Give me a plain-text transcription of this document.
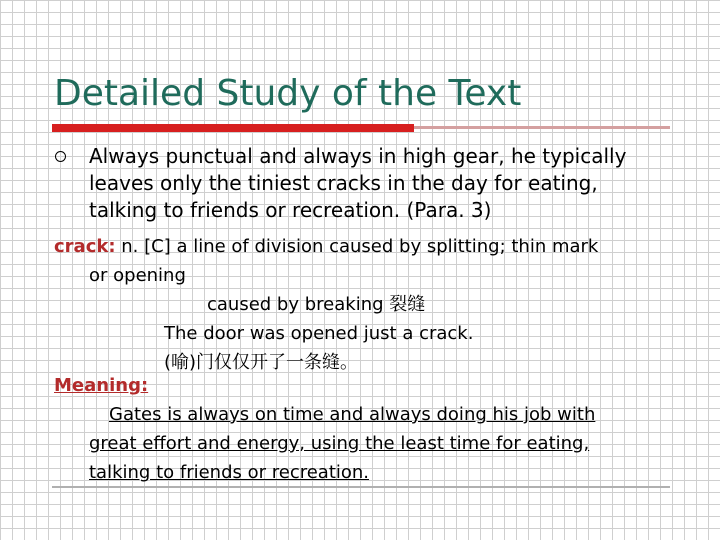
Detailed Study of the Text

Always punctual and always in high gear, he typically
leaves only the tiniest cracks in the day for eating,
talking to friends or recreation. (Para. 3)

crack: n. [C] a line of division caused by splitting; thin mark
or opening
caused by breaking 裂缝
The door was opened just a crack.
(喻)门仅仅开了一条缝。
Meaning:
Gates is always on time and always doing his job with
great effort and energy, using the least time for eating,
talking to friends or recreation.
